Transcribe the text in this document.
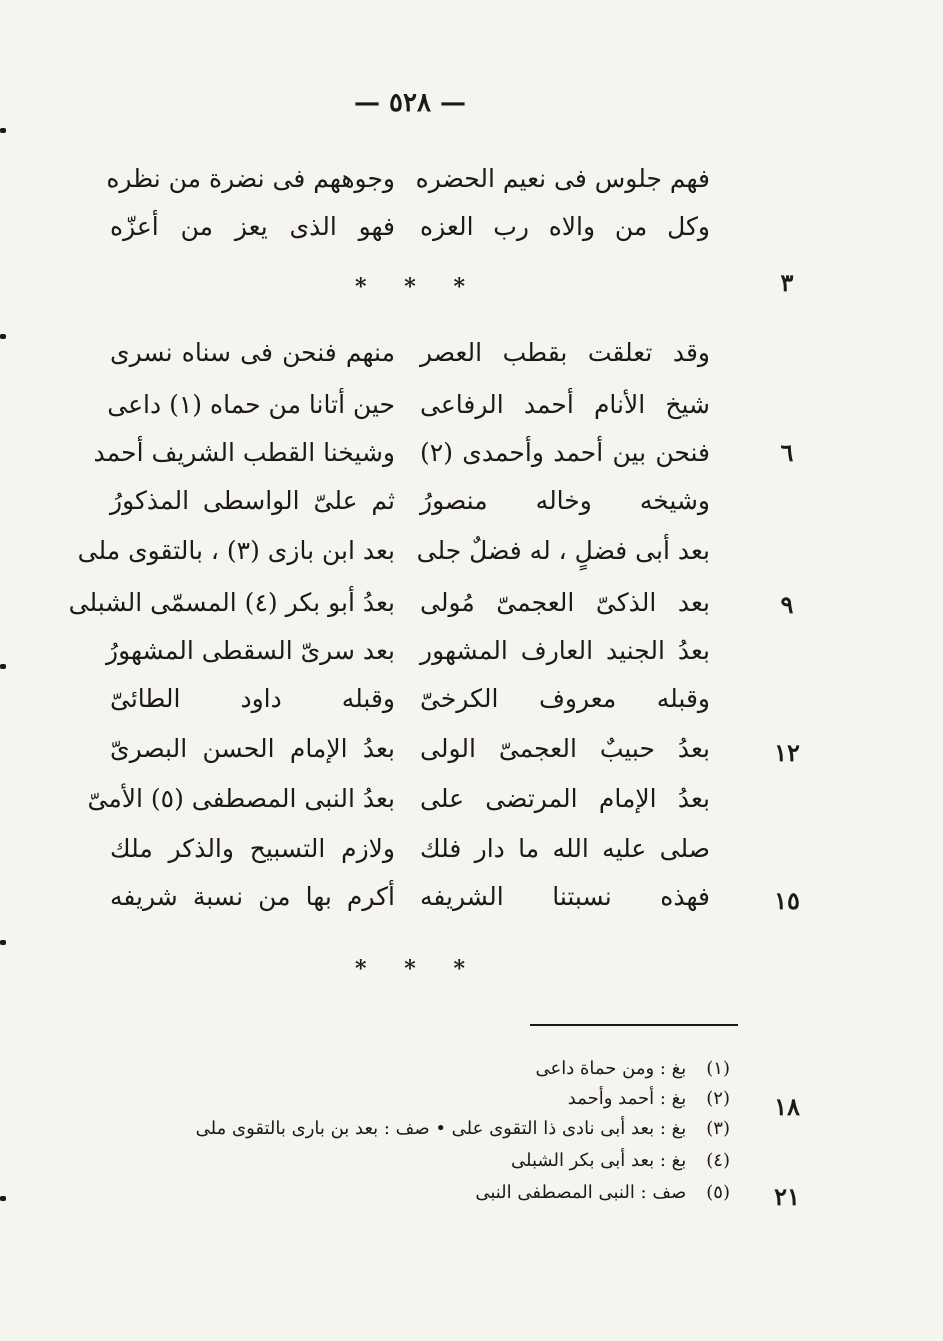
— ٥٢٨ —
فهم جلوس فى نعيم الحضره
وجوههم فى نضرة من نظره
وكل من والاه رب العزه
فهو الذى يعز من أعزّه
* * *
وقد تعلقت بقطب العصر
منهم فنحن فى سناه نسرى
شيخ الأنام أحمد الرفاعى
حين أتانا من حماه (١) داعى
فنحن بين أحمد وأحمدى (٢)
وشيخنا القطب الشريف أحمد
وشيخه وخاله منصورُ
ثم علىّ الواسطى المذكورُ
بعد أبى فضلٍ ، له فضلٌ جلى
بعد ابن بازى (٣) ، بالتقوى ملى
بعد الذكىّ العجمىّ مُولى
بعدُ أبو بكر (٤) المسمّى الشبلى
بعدُ الجنيد العارف المشهور
بعد سرىّ السقطى المشهورُ
وقبله معروف الكرخىّ
وقبله داود الطائىّ
بعدُ حبيبٌ العجمىّ الولى
بعدُ الإمام الحسن البصرىّ
بعدُ الإمام المرتضى على
بعدُ النبى المصطفى (٥) الأمىّ
صلى عليه الله ما دار فلك
ولازم التسبيح والذكر ملك
فهذه نسبتنا الشريفه
أكرم بها من نسبة شريفه
* * *
٣
٦
٩
١٢
١٥
١٨
٢١
(١) بغ : ومن حماة داعى
(٢) بغ : أحمد وأحمد
(٣) بغ : بعد أبى نادى ذا التقوى على • صف : بعد بن بارى بالتقوى ملى
(٤) بغ : بعد أبى بكر الشبلى
(٥) صف : النبى المصطفى النبى
